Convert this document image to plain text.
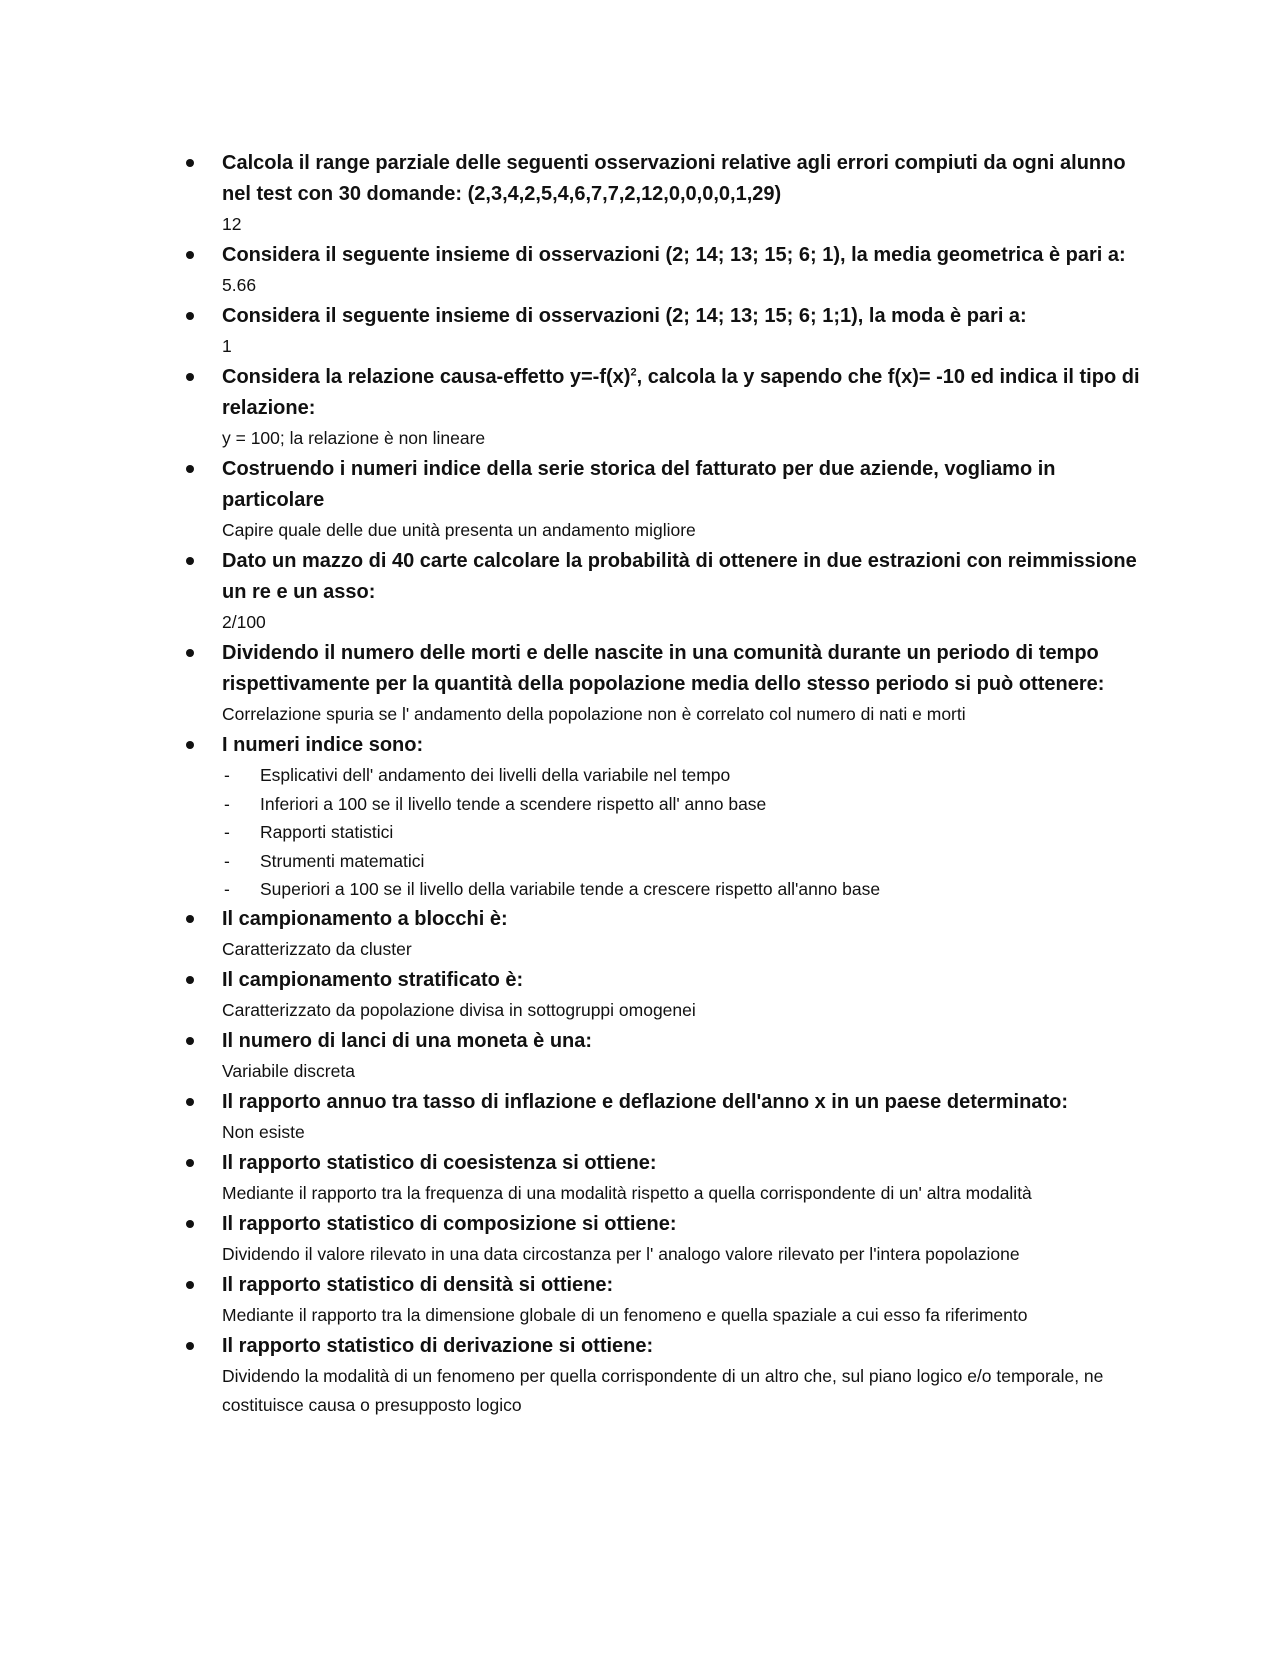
Calcola il range parziale delle seguenti osservazioni relative agli errori compiuti da ogni alunno nel test con 30 domande: (2,3,4,2,5,4,6,7,7,2,12,0,0,0,0,1,29)

12

Considera il seguente insieme di osservazioni (2; 14; 13; 15; 6; 1), la media geometrica è pari a:

5.66

Considera il seguente insieme di osservazioni (2; 14; 13; 15; 6; 1;1), la moda è pari a:

1

Considera la relazione causa-effetto $y=-f(x)^2$, calcola la y sapendo che f(x)= -10 ed indica il tipo di relazione:

y = 100; la relazione è non lineare

Costruendo i numeri indice della serie storica del fatturato per due aziende, vogliamo in particolare

Capire quale delle due unità presenta un andamento migliore

Dato un mazzo di 40 carte calcolare la probabilità di ottenere in due estrazioni con reimmissione un re e un asso:

2/100

Dividendo il numero delle morti e delle nascite in una comunità durante un periodo di tempo rispettivamente per la quantità della popolazione media dello stesso periodo si può ottenere:

Correlazione spuria se l' andamento della popolazione non è correlato col numero di nati e morti

I numeri indice sono:

- Esplicativi dell' andamento dei livelli della variabile nel tempo
- Inferiori a 100 se il livello tende a scendere rispetto all' anno base
- Rapporti statistici
- Strumenti matematici
- Superiori a 100 se il livello della variabile tende a crescere rispetto all'anno base

Il campionamento a blocchi è:

Caratterizzato da cluster

Il campionamento stratificato è:

Caratterizzato da popolazione divisa in sottogruppi omogenei

Il numero di lanci di una moneta è una:

Variabile discreta

Il rapporto annuo tra tasso di inflazione e deflazione dell'anno x in un paese determinato:

Non esiste

Il rapporto statistico di coesistenza si ottiene:

Mediante il rapporto tra la frequenza di una modalità rispetto a quella corrispondente di un' altra modalità

Il rapporto statistico di composizione si ottiene:

Dividendo il valore rilevato in una data circostanza per l' analogo valore rilevato per l'intera popolazione

Il rapporto statistico di densità si ottiene:

Mediante il rapporto tra la dimensione globale di un fenomeno e quella spaziale a cui esso fa riferimento

Il rapporto statistico di derivazione si ottiene:

Dividendo la modalità di un fenomeno per quella corrispondente di un altro che, sul piano logico e/o temporale, ne costituisce causa o presupposto logico
